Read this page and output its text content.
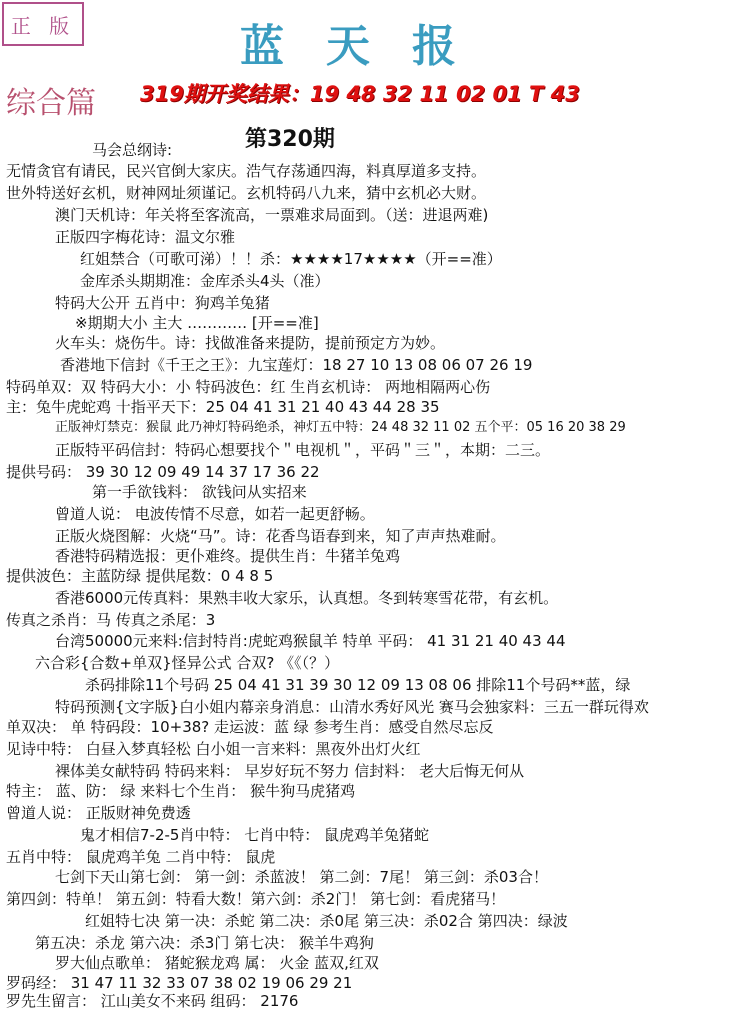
正 版	蓝天报
综合篇 319期开奖结果：19 48 32 11 02 01 T 43
马会总纲诗:	第320期
无情贪官有请民，民兴官倒大家庆。浩气存荡通四海，料真厚道多支持。
世外特送好玄机，财神网址须谨记。玄机特码八九来，猜中玄机必大财。
澳门天机诗：年关将至客流高，一票难求局面到。（送：进退两难)
正版四字梅花诗：温文尔雅
红姐禁合（可歌可涕）！！杀：★★★★17★★★★（开==准）
金库杀头期期准：金库杀头4头（准）
特码大公开 五肖中：狗鸡羊兔猪
※期期大小 主大 ………… [开==准]
火车头：烧伤牛。诗：找做准备来提防，提前预定方为妙。
香港地下信封《千王之王》：九宝莲灯：18 27 10 13 08 06 07 26 19
特码单双：双 特码大小：小 特码波色：红 生肖玄机诗： 两地相隔两心伤
主：兔牛虎蛇鸡 十指平天下：25 04 41 31 21 40 43 44 28 35
正版神灯禁克：猴鼠 此乃神灯特码绝杀，神灯五中特：24 48 32 11 02 五个平：05 16 20 38 29
正版特平码信封：特码心想要找个＂电视机＂，平码＂三＂，本期：二三。
提供号码： 39 30 12 09 49 14 37 17 36 22
第一手欲钱料： 欲钱问从实招来
曾道人说： 电波传情不尽意，如若一起更舒畅。
正版火烧图解：火烧“马”。诗：花香鸟语春到来，知了声声热难耐。
香港特码精选报：更仆难终。提供生肖：牛猪羊兔鸡
提供波色：主蓝防绿 提供尾数：0 4 8 5
香港6000元传真料：果熟丰收大家乐，认真想。冬到转寒雪花带，有玄机。
传真之杀肖：马 传真之杀尾：3
台湾50000元来料:信封特肖:虎蛇鸡猴鼠羊 特单 平码： 41 31 21 40 43 44
六合彩{合数+单双}怪异公式 合双? 《《（？）
杀码排除11个号码 25 04 41 31 39 30 12 09 13 08 06 排除11个号码**蓝，绿
特码预测{文字版}白小姐内幕亲身消息：山清水秀好风光 赛马会独家料：三五一群玩得欢
单双决： 单 特码段：10+38? 走运波：蓝 绿 参考生肖：感受自然尽忘反
见诗中特： 白昼入梦真轻松 白小姐一言来料：黑夜外出灯火红
裸体美女献特码 特码来料： 早岁好玩不努力 信封料： 老大后悔无何从
特主： 蓝、防： 绿 来料七个生肖： 猴牛狗马虎猪鸡
曾道人说： 正版财神免费透
鬼才相信7-2-5肖中特： 七肖中特： 鼠虎鸡羊兔猪蛇
五肖中特： 鼠虎鸡羊兔 二肖中特： 鼠虎
七剑下天山第七剑： 第一剑：杀蓝波！ 第二剑：7尾！ 第三剑：杀03合！
第四剑：特单！ 第五剑：特看大数！第六剑：杀2门！ 第七剑：看虎猪马！
红姐特七决 第一决：杀蛇 第二决：杀0尾 第三决：杀02合 第四决：绿波
第五决：杀龙 第六决：杀3门 第七决： 猴羊牛鸡狗
罗大仙点歌单： 猪蛇猴龙鸡 属： 火金 蓝双,红双
罗码经： 31 47 11 32 33 07 38 02 19 06 29 21
罗先生留言： 江山美女不来码 组码： 2176
